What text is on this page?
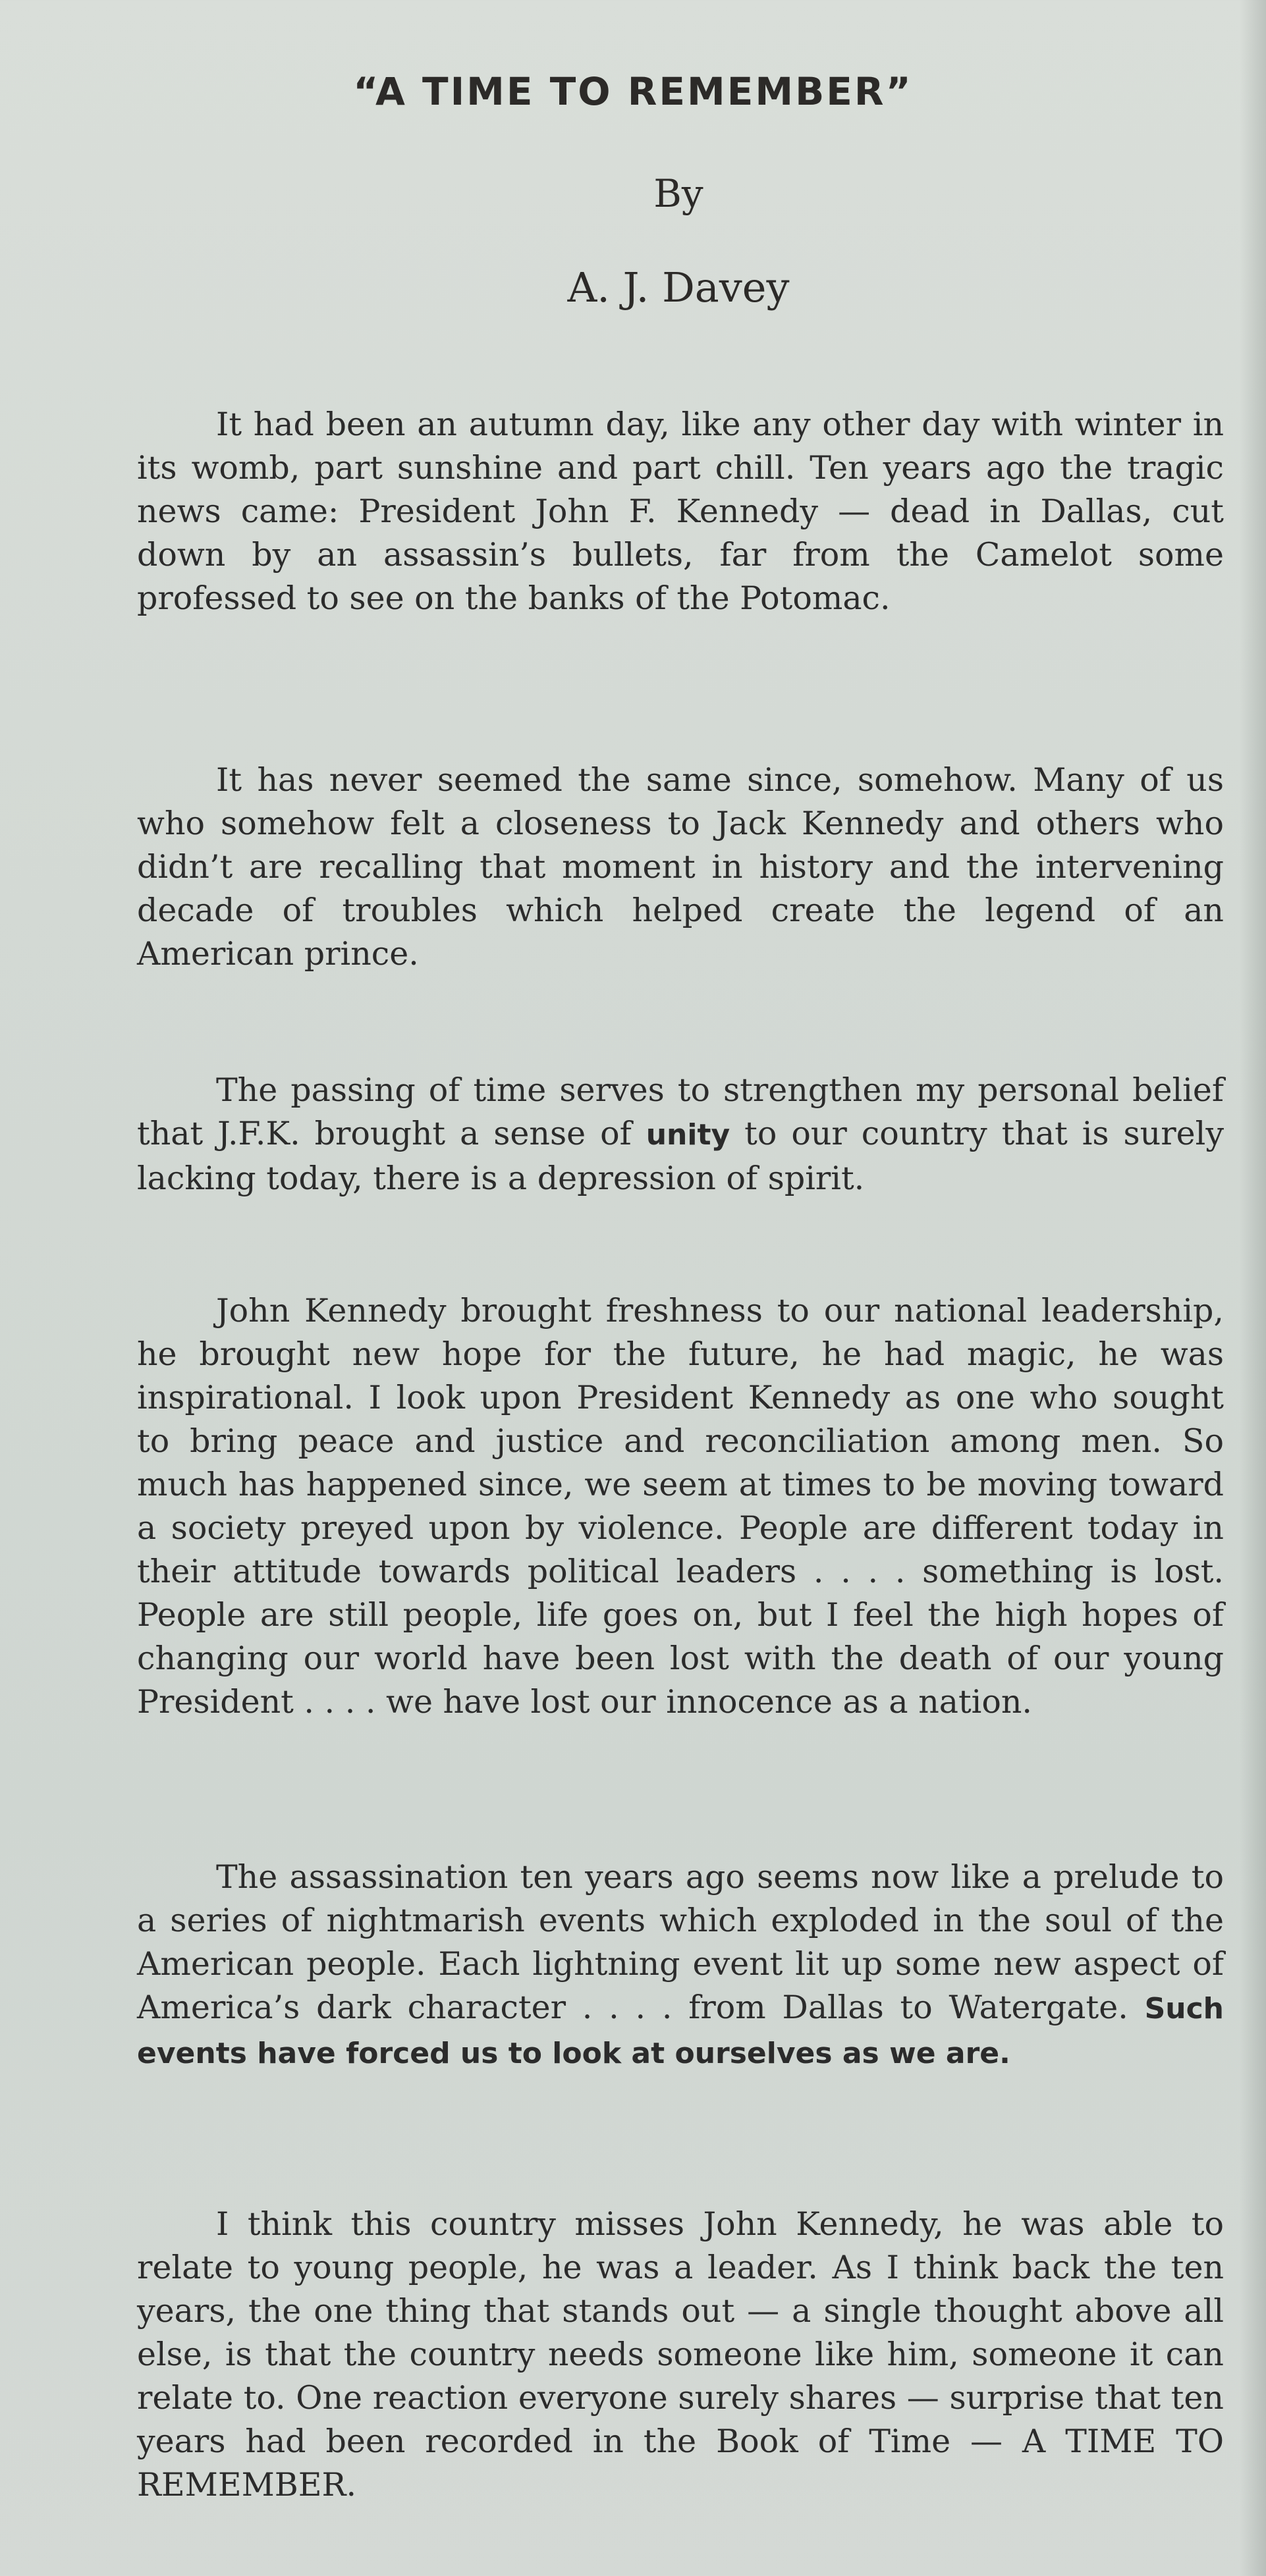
“A TIME TO REMEMBER”
By
A. J. Davey

It had been an autumn day, like any other day with winter in its womb, part sunshine and part chill. Ten years ago the tragic news came: President John F. Kennedy — dead in Dallas, cut down by an assassin’s bullets, far from the Camelot some professed to see on the banks of the Potomac.

It has never seemed the same since, somehow. Many of us who somehow felt a closeness to Jack Kennedy and others who didn’t are recalling that moment in history and the intervening decade of troubles which helped create the legend of an American prince.

The passing of time serves to strengthen my personal belief that J.F.K. brought a sense of unity to our country that is surely lacking today, there is a depression of spirit.

John Kennedy brought freshness to our national leadership, he brought new hope for the future, he had magic, he was inspirational. I look upon President Kennedy as one who sought to bring peace and justice and reconciliation among men. So much has happened since, we seem at times to be moving toward a society preyed upon by violence. People are different today in their attitude towards political leaders . . . . something is lost. People are still people, life goes on, but I feel the high hopes of changing our world have been lost with the death of our young President . . . . we have lost our innocence as a nation.

The assassination ten years ago seems now like a prelude to a series of nightmarish events which exploded in the soul of the American people. Each lightning event lit up some new aspect of America’s dark character . . . . from Dallas to Watergate. Such events have forced us to look at ourselves as we are.

I think this country misses John Kennedy, he was able to relate to young people, he was a leader. As I think back the ten years, the one thing that stands out — a single thought above all else, is that the country needs someone like him, someone it can relate to. One reaction everyone surely shares — surprise that ten years had been recorded in the Book of Time — A TIME TO REMEMBER.
